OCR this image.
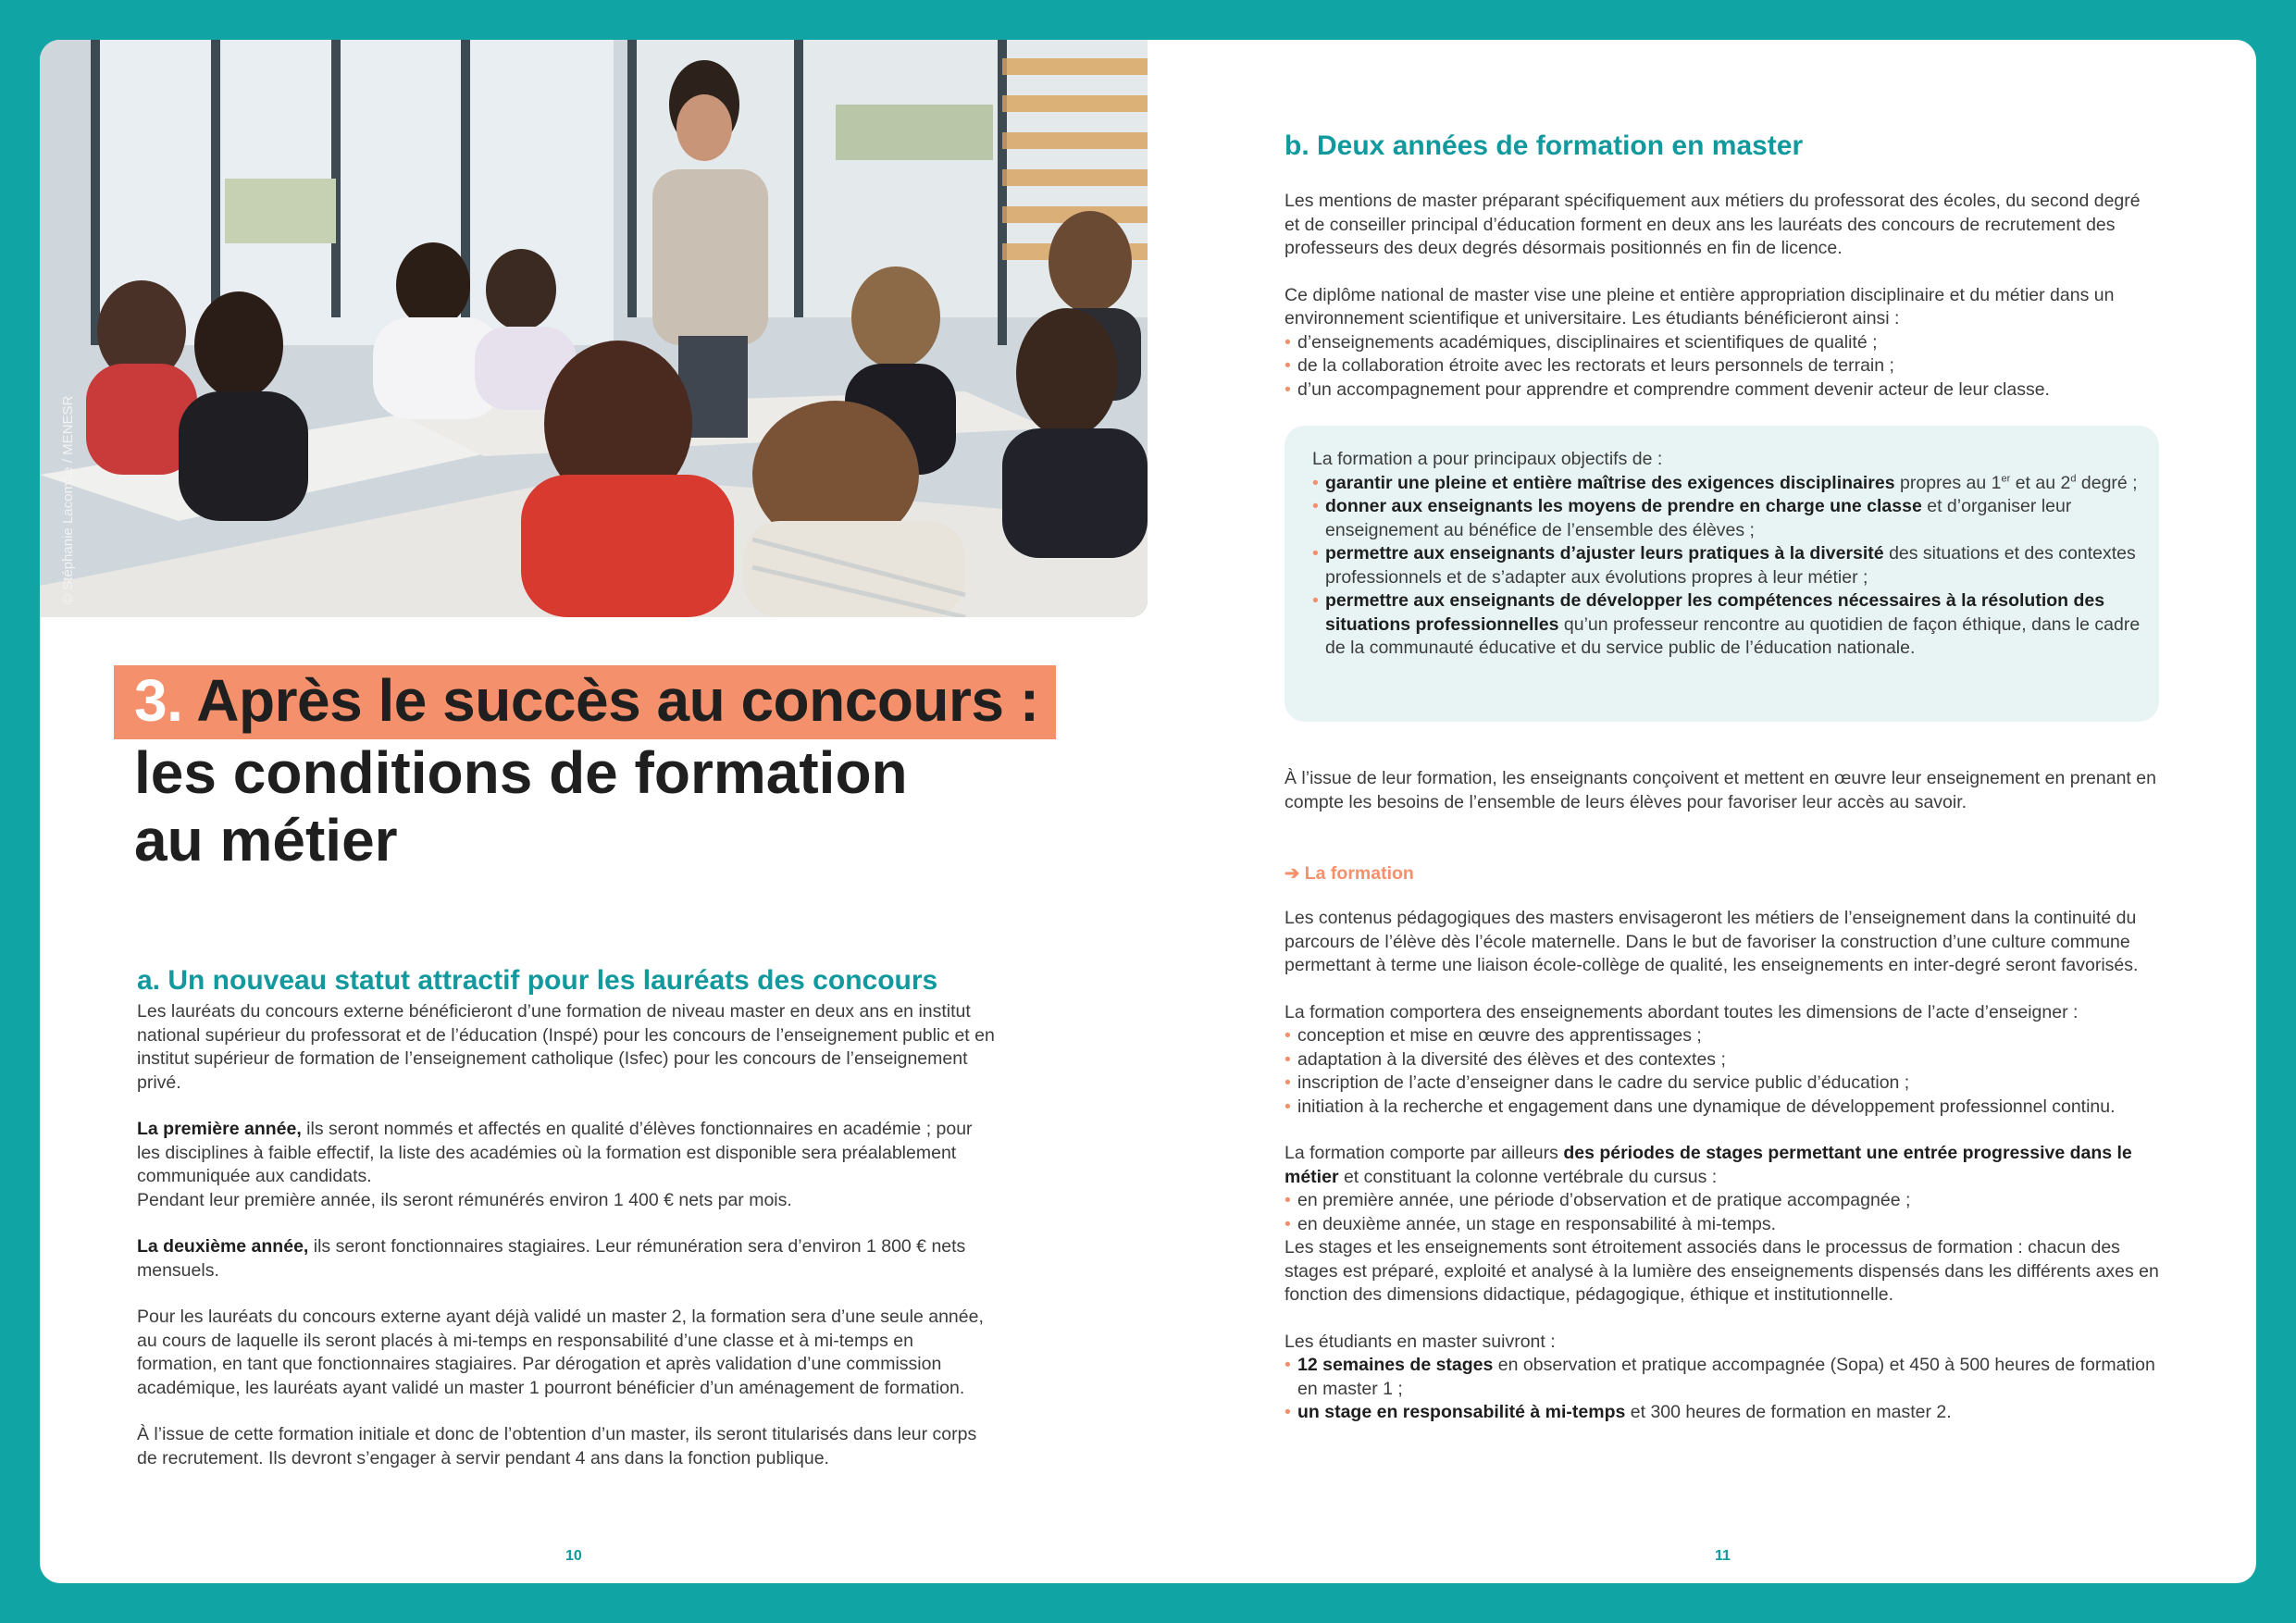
© Stéphanie Lacombe / MENESR
3. Après le succès au concours :
les conditions de formation au métier
a. Un nouveau statut attractif pour les lauréats des concours

Les lauréats du concours externe bénéficieront d’une formation de niveau master en deux ans en institut national supérieur du professorat et de l’éducation (Inspé) pour les concours de l’enseignement public et en institut supérieur de formation de l’enseignement catholique (Isfec) pour les concours de l’enseignement privé.

La première année, ils seront nommés et affectés en qualité d’élèves fonctionnaires en académie ; pour les disciplines à faible effectif, la liste des académies où la formation est disponible sera préalablement communiquée aux candidats.
Pendant leur première année, ils seront rémunérés environ 1 400 € nets par mois.

La deuxième année, ils seront fonctionnaires stagiaires. Leur rémunération sera d’environ 1 800 € nets mensuels.

Pour les lauréats du concours externe ayant déjà validé un master 2, la formation sera d’une seule année, au cours de laquelle ils seront placés à mi-temps en responsabilité d’une classe et à mi-temps en formation, en tant que fonctionnaires stagiaires. Par dérogation et après validation d’une commission académique, les lauréats ayant validé un master 1 pourront bénéficier d’un aménagement de formation.

À l’issue de cette formation initiale et donc de l’obtention d’un master, ils seront titularisés dans leur corps de recrutement. Ils devront s’engager à servir pendant 4 ans dans la fonction publique.

10
b. Deux années de formation en master

Les mentions de master préparant spécifiquement aux métiers du professorat des écoles, du second degré et de conseiller principal d’éducation forment en deux ans les lauréats des concours de recrutement des professeurs des deux degrés désormais positionnés en fin de licence.

Ce diplôme national de master vise une pleine et entière appropriation disciplinaire et du métier dans un environnement scientifique et universitaire. Les étudiants bénéficieront ainsi :

• d’enseignements académiques, disciplinaires et scientifiques de qualité ;
• de la collaboration étroite avec les rectorats et leurs personnels de terrain ;
• d’un accompagnement pour apprendre et comprendre comment devenir acteur de leur classe.
La formation a pour principaux objectifs de :
• garantir une pleine et entière maîtrise des exigences disciplinaires propres au 1er et au 2$^d$ degré ;
• donner aux enseignants les moyens de prendre en charge une classe et d’organiser leur enseignement au bénéfice de l’ensemble des élèves ;
• permettre aux enseignants d’ajuster leurs pratiques à la diversité des situations et des contextes professionnels et de s’adapter aux évolutions propres à leur métier ;
• permettre aux enseignants de développer les compétences nécessaires à la résolution des situations professionnelles qu’un professeur rencontre au quotidien de façon éthique, dans le cadre de la communauté éducative et du service public de l’éducation nationale.
À l’issue de leur formation, les enseignants conçoivent et mettent en œuvre leur enseignement en prenant en compte les besoins de l’ensemble de leurs élèves pour favoriser leur accès au savoir.
➔ La formation

Les contenus pédagogiques des masters envisageront les métiers de l’enseignement dans la continuité du parcours de l’élève dès l’école maternelle. Dans le but de favoriser la construction d’une culture commune permettant à terme une liaison école-collège de qualité, les enseignements en inter-degré seront favorisés.

La formation comportera des enseignements abordant toutes les dimensions de l’acte d’enseigner :

• conception et mise en œuvre des apprentissages ;
• adaptation à la diversité des élèves et des contextes ;
• inscription de l’acte d’enseigner dans le cadre du service public d’éducation ;
• initiation à la recherche et engagement dans une dynamique de développement professionnel continu.
La formation comporte par ailleurs des périodes de stages permettant une entrée progressive dans le métier et constituant la colonne vertébrale du cursus :
• en première année, une période d’observation et de pratique accompagnée ;
• en deuxième année, un stage en responsabilité à mi-temps.

Les stages et les enseignements sont étroitement associés dans le processus de formation : chacun des stages est préparé, exploité et analysé à la lumière des enseignements dispensés dans les différents axes en fonction des dimensions didactique, pédagogique, éthique et institutionnelle.

Les étudiants en master suivront :
• 12 semaines de stages en observation et pratique accompagnée (Sopa) et 450 à 500 heures de formation en master 1 ;
• un stage en responsabilité à mi-temps et 300 heures de formation en master 2.
11
